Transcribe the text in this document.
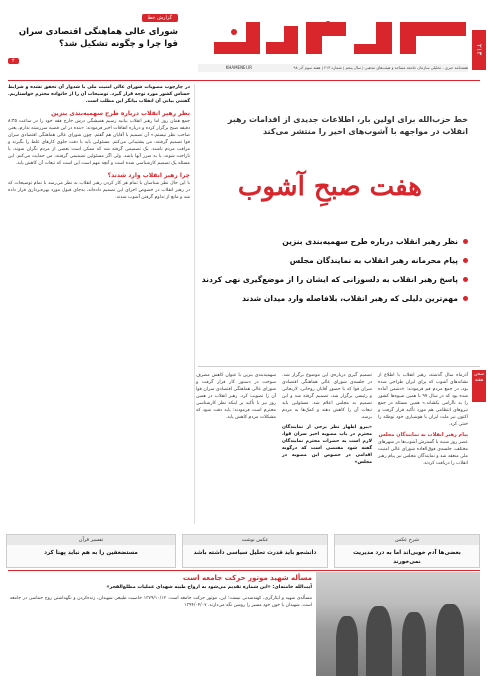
۲۱۳
هفته‌نامه خبری - تحلیلی سازمان جامعه مساجد و هیئت‌های مذهبی | سال پنجم | شماره ۲۱۳ | هفته سوم آذر ۹۸
KHAMENEI.IR
گزارش خط
شورای عالی هماهنگی اقتصادی سران قوا چرا و چگونه تشکیل شد؟
۴
در چارچوب مصوبات شورای عالی امنیت ملی با شدوار آن تحقق نشده و شرایط حساس کشور مورد توجه قرار گیرد. توضیحات آن را از خانواده محترم خواستاریم. گفتنی بیانی آن انقلاب بیانگر این مطلب است.
نظر رهبر انقلاب درباره طرح سهمیه‌بندی بنزین
جمع همان روز اما رهبر انقلاب بیانیه رسیم همیشگی درس خارج فقه خود را در ساعت ۸:۳۵ دقیقه صبح برگزار کرده و درباره اتفاقات اخیر فرمودند: «بنده در این قضیه سررشته ندارم، یعنی صاحب نظر نیستم.» آن تصمیم با آقایان هم گفتم. چون شورای عالی هماهنگی اقتصادی سران قوا تصمیم گرفتند، من پشتیبانی می‌کنم. مسئولین باید با دقت جلوی کارهای غلط را بگیرند و مراقب مردم باشند. یک تصمیمی گرفته شد که ممکن است بعضی از مردم نگران شوند، یا ناراحت شوند، یا به ضرر آنها باشد. ولی اگر مسئولین تصمیمی گرفتند، من حمایت می‌کنم. این مسئله یک تصمیم کارشناسی شده است و آنچه مهم است این است که تبعات آن کاهش یابد.
چرا رهبر انقلاب وارد شدند؟
با این حال نظر شناسان با تمام هر کار کردن رهبر انقلاب به نظر می‌رسد با تمام توضیحات که در رهبر انقلاب در خصوص اجرای این تصمیم داده‌اند، به‌جای قبول مورد بهره‌برداری قرار داده شد و مانع از تداوم گرفتن آشوب شدند.
خط حزب‌الله برای اولین بار، اطلاعات جدیدی از اقدامات رهبر انقلاب در مواجهه با آشوب‌های اخیر را منتشر می‌کند
هفت صبحِ آشوب
نظر رهبر انقلاب درباره طرح سهمیه‌بندی بنزین
پیام محرمانه رهبر انقلاب به نمایندگان مجلس
پاسخ رهبر انقلاب به دلسوزانی که ایشان را از موضع‌گیری نهی کردند
مهم‌ترین دلیلی که رهبر انقلاب، بلافاصله وارد میدان شدند
سخن هفته
آذرماه سال گذشته، رهبر انقلاب با اطلاع از نشانه‌های آشوب که برای ایران طراحی شده بود، در جمع مردم قم فرمودند: «دشمن آماده شده بود که در سال ۹۷ با همین شیوه‌ها کشور را به ناآرامی بکشاند.» همین مسئله در جمع نیروهای انتظامی هم مورد تأکید قرار گرفت و اکنون نیز ملت ایران با هوشیاری خود توطئه را خنثی کرد.
پیام رهبر انقلاب به نمایندگان مجلس
عصر روز شنبه با گسترش آشوب‌ها در شهرهای مختلف، جلسه‌ی فوق‌العاده شورای عالی امنیت ملی منعقد شد و نمایندگان مجلس نیز پیام رهبر انقلاب را دریافت کردند.
تصمیم گیری درباره‌ی این موضوع برگزار شد. در جلسه‌ی شورای عالی هماهنگی اقتصادی سران قوا که با حضور آقایان روحانی، لاریجانی و رئیسی برگزار شد، تصمیم گرفته شد و این تصمیم به مجلس اعلام شد. مسئولین باید تبعات آن را کاهش دهند و کمک‌ها به مردم برسد.
«بیرو اظهار نظر برخی از نمایندگان محترم در باب مصوبه اخیر سران قوا، لازم است به حضرات محترم نمایندگان گفته شود مقتضی است که درگونه اقدامی در خصوص این مصوبه در مجلس»
سهمیه‌بندی بنزین با عنوان کاهش مصرف سوخت در دستور کار قرار گرفت و شورای عالی هماهنگی اقتصادی سران قوا آن را تصویب کرد. رهبر انقلاب در همین روز نیز با تأکید بر اینکه نظر کارشناسی محترم است فرمودند: باید دقت شود که مشکلات مردم کاهش یابد.
شرح عکس
بعضی‌ها آدم خوبی‌اند اما به درد مدیریت نمی‌خورند
عکس نوشت
دانشجو باید قدرت تحلیل سیاسی داشته باشد
تفسیر قرآن
مستضعفین را به هم نباید پهنا کرد
مسأله شهید موتور حرکت جامعه است
آیت‌الله خامنه‌ای: «این شماره تقدیم می‌شود به ارواح طیبه شهدای عملیات مطلع‌الفجر»
مسأله‌ی شهید و ایثارگری، کهنه‌شدنی نیست؛ این، موتور حرکت جامعه است. ۱۳۷۹/۱۰/۱۲ خاصیت طبیعی شهیدان، زنده‌کردن و نگهداشتن روح حماسی در جامعه است. شهیدان با خون خود مسیر را روشن نگه می‌دارند. ۱۳۹۴/۰۴/۰۷
